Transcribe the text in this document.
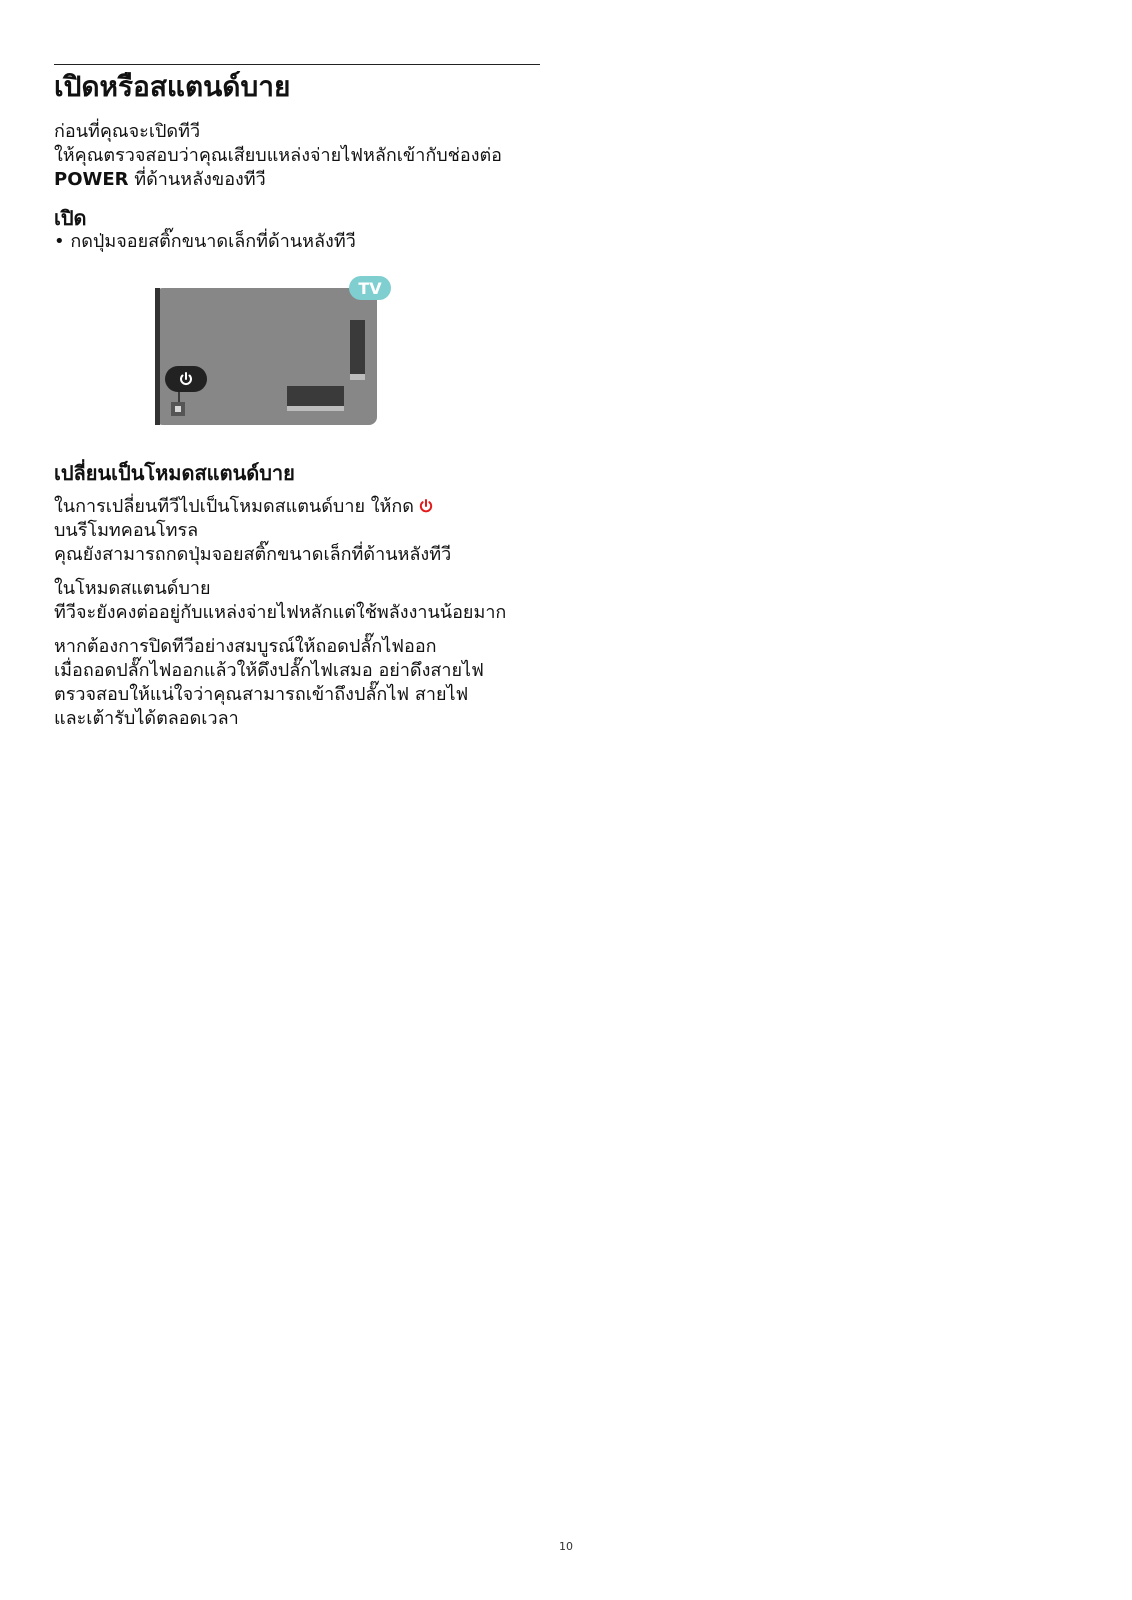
เปิดหรือสแตนด์บาย

ก่อนที่คุณจะเปิดทีวี

ให้คุณตรวจสอบว่าคุณเสียบแหล่งจ่ายไฟหลักเข้ากับช่องต่อ

POWER ที่ด้านหลังของทีวี

เปิด

• กดปุ่มจอยสติ๊กขนาดเล็กที่ด้านหลังทีวี

TV
เปลี่ยนเป็นโหมดสแตนด์บาย

ในการเปลี่ยนทีวีไปเป็นโหมดสแตนด์บาย ให้กด

บนรีโมทคอนโทรล

คุณยังสามารถกดปุ่มจอยสติ๊กขนาดเล็กที่ด้านหลังทีวี

ในโหมดสแตนด์บาย

ทีวีจะยังคงต่ออยู่กับแหล่งจ่ายไฟหลักแต่ใช้พลังงานน้อยมาก

หากต้องการปิดทีวีอย่างสมบูรณ์ให้ถอดปลั๊กไฟออก

เมื่อถอดปลั๊กไฟออกแล้วให้ดึงปลั๊กไฟเสมอ อย่าดึงสายไฟ

ตรวจสอบให้แน่ใจว่าคุณสามารถเข้าถึงปลั๊กไฟ สายไฟ

และเต้ารับได้ตลอดเวลา

10
